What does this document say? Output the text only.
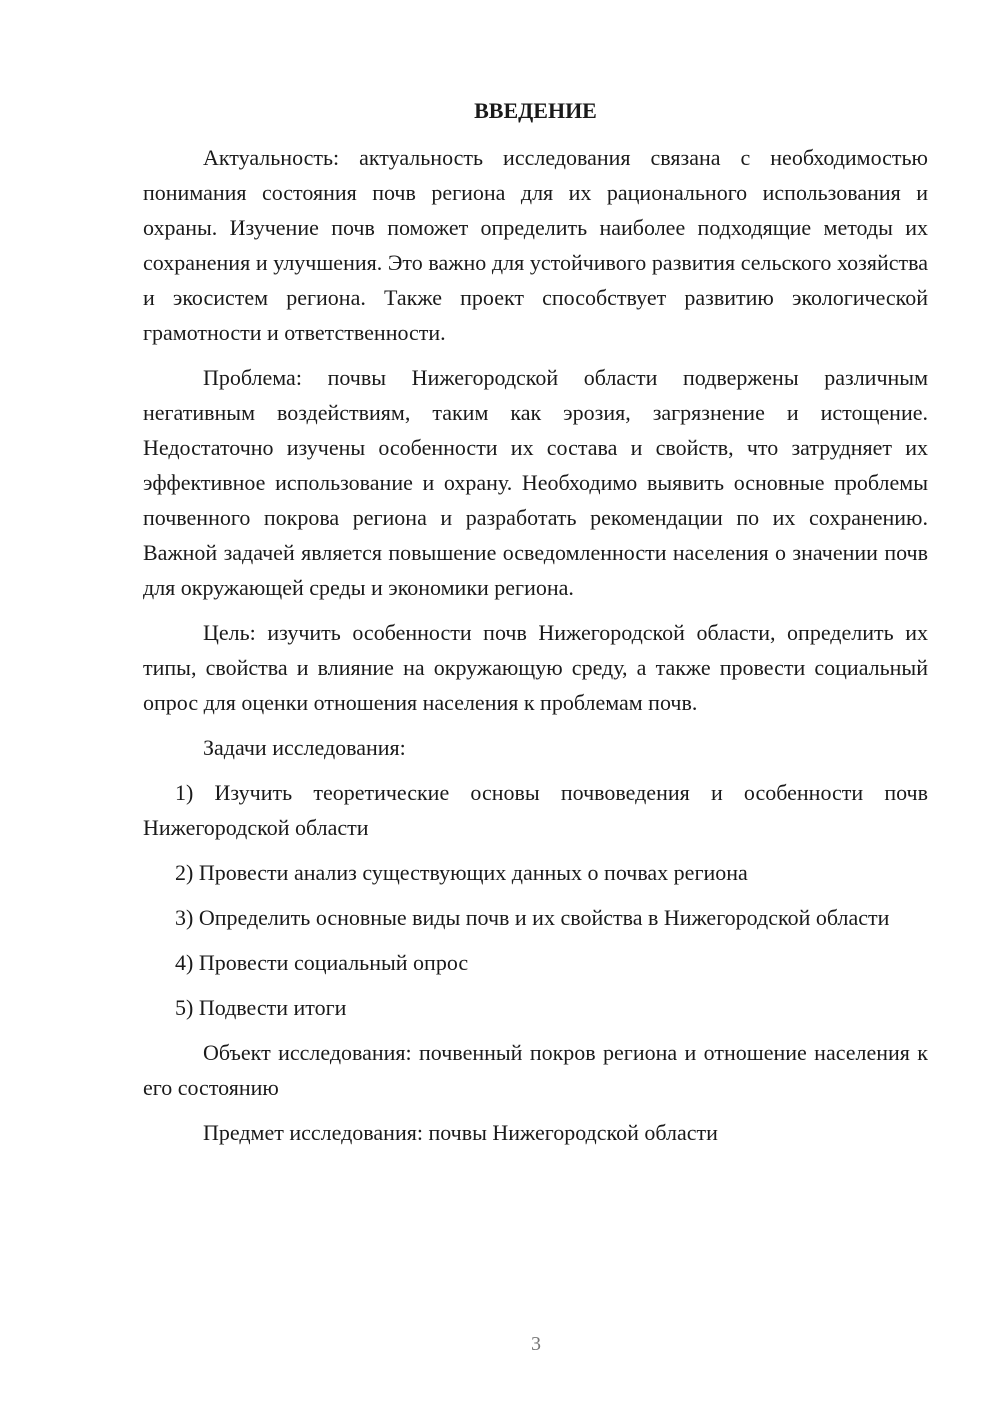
ВВЕДЕНИЕ

Актуальность: актуальность исследования связана с необходимостью понимания состояния почв региона для их рационального использования и охраны. Изучение почв поможет определить наиболее подходящие методы их сохранения и улучшения. Это важно для устойчивого развития сельского хозяйства и экосистем региона. Также проект способствует развитию экологической грамотности и ответственности.

Проблема: почвы Нижегородской области подвержены различным негативным воздействиям, таким как эрозия, загрязнение и истощение. Недостаточно изучены особенности их состава и свойств, что затрудняет их эффективное использование и охрану. Необходимо выявить основные проблемы почвенного покрова региона и разработать рекомендации по их сохранению. Важной задачей является повышение осведомленности населения о значении почв для окружающей среды и экономики региона.

Цель: изучить особенности почв Нижегородской области, определить их типы, свойства и влияние на окружающую среду, а также провести социальный опрос для оценки отношения населения к проблемам почв.

Задачи исследования:

1) Изучить теоретические основы почвоведения и особенности почв Нижегородской области

2) Провести анализ существующих данных о почвах региона

3) Определить основные виды почв и их свойства в Нижегородской области

4) Провести социальный опрос

5) Подвести итоги

Объект исследования: почвенный покров региона и отношение населения к его состоянию

Предмет исследования: почвы Нижегородской области

3
